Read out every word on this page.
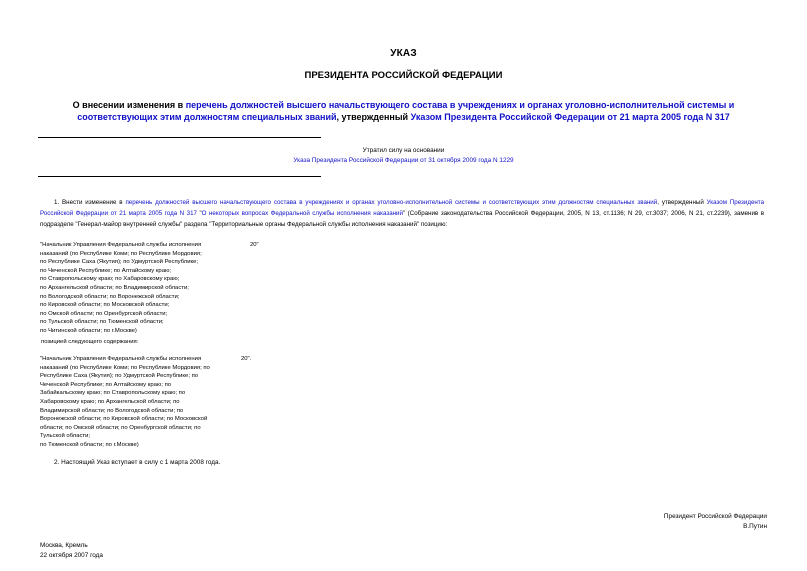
УКАЗ
ПРЕЗИДЕНТА РОССИЙСКОЙ ФЕДЕРАЦИИ
О внесении изменения в перечень должностей высшего начальствующего состава в учреждениях и органах уголовно-исполнительной системы и соответствующих этим должностям специальных званий, утвержденный Указом Президента Российской Федерации от 21 марта 2005 года N 317
Утратил силу на основании
Указа Президента Российской Федерации от 31 октября 2009 года N 1229
1. Внести изменение в перечень должностей высшего начальствующего состава в учреждениях и органах уголовно-исполнительной системы и соответствующих этим должностям специальных званий, утвержденный Указом Президента Российской Федерации от 21 марта 2005 года N 317 "О некоторых вопросах Федеральной службы исполнения наказаний" (Собрание законодательства Российской Федерации, 2005, N 13, ст.1136; N 29, ст.3037; 2006, N 21, ст.2239), заменив в подразделе "Генерал-майор внутренней службы" раздела "Территориальные органы Федеральной службы исполнения наказаний" позицию:
"Начальник Управления Федеральной службы исполнения
наказаний (по Республике Коми; по Республике Мордовия;
по Республике Саха (Якутия); по Удмуртской Республике;
по Чеченской Республике; по Алтайскому краю;
по Ставропольскому краю; по Хабаровскому краю;
по Архангельской области; по Владимирской области;
по Вологодской области; по Воронежской области;
по Кировской области; по Московской области;
по Омской области; по Оренбургской области;
по Тульской области; по Тюменской области;
по Читинской области; по г.Москве)
20"
позицией следующего содержания:
"Начальник Управления Федеральной службы исполнения
наказаний (по Республике Коми; по Республике Мордовия; по
Республике Саха (Якутия); по Удмуртской Республике; по
Чеченской Республике; по Алтайскому краю; по
Забайкальскому краю; по Ставропольскому краю; по
Хабаровскому краю; по Архангельской области; по
Владимирской области; по Вологодской области; по
Воронежской области; по Кировской области; по Московской
области; по Омской области; по Оренбургской области; по
Тульской области;
по Тюменской области; по г.Москве)
20".
2. Настоящий Указ вступает в силу с 1 марта 2008 года.
Президент Российской Федерации
В.Путин
Москва, Кремль
22 октября 2007 года
